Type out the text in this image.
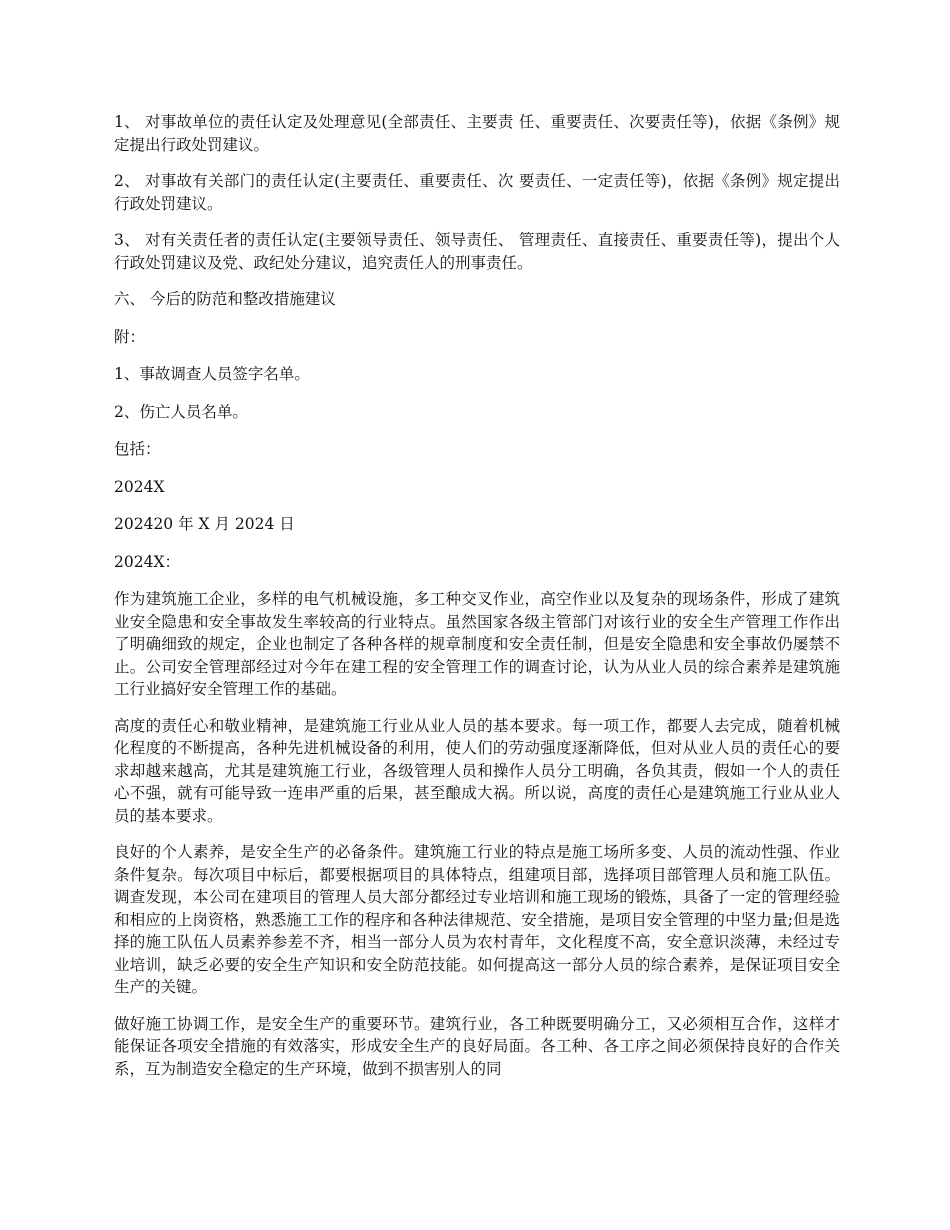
1、 对事故单位的责任认定及处理意见(全部责任、主要责 任、重要责任、次要责任等)，依据《条例》规定提出行政处罚建议。

2、 对事故有关部门的责任认定(主要责任、重要责任、次 要责任、一定责任等)，依据《条例》规定提出行政处罚建议。

3、 对有关责任者的责任认定(主要领导责任、领导责任、 管理责任、直接责任、重要责任等)，提出个人行政处罚建议及党、政纪处分建议，追究责任人的刑事责任。

六、 今后的防范和整改措施建议

附：

1、事故调查人员签字名单。

2、伤亡人员名单。

包括：

2024X

202420 年 X 月 2024 日

2024X：

作为建筑施工企业，多样的电气机械设施，多工种交叉作业，高空作业以及复杂的现场条件，形成了建筑业安全隐患和安全事故发生率较高的行业特点。虽然国家各级主管部门对该行业的安全生产管理工作作出了明确细致的规定，企业也制定了各种各样的规章制度和安全责任制，但是安全隐患和安全事故仍屡禁不止。公司安全管理部经过对今年在建工程的安全管理工作的调查讨论，认为从业人员的综合素养是建筑施工行业搞好安全管理工作的基础。

高度的责任心和敬业精神，是建筑施工行业从业人员的基本要求。每一项工作，都要人去完成，随着机械化程度的不断提高，各种先进机械设备的利用，使人们的劳动强度逐渐降低，但对从业人员的责任心的要求却越来越高，尤其是建筑施工行业，各级管理人员和操作人员分工明确，各负其责，假如一个人的责任心不强，就有可能导致一连串严重的后果，甚至酿成大祸。所以说，高度的责任心是建筑施工行业从业人员的基本要求。

良好的个人素养，是安全生产的必备条件。建筑施工行业的特点是施工场所多变、人员的流动性强、作业条件复杂。每次项目中标后，都要根据项目的具体特点，组建项目部，选择项目部管理人员和施工队伍。调查发现，本公司在建项目的管理人员大部分都经过专业培训和施工现场的锻炼，具备了一定的管理经验和相应的上岗资格，熟悉施工工作的程序和各种法律规范、安全措施，是项目安全管理的中坚力量;但是选择的施工队伍人员素养参差不齐，相当一部分人员为农村青年，文化程度不高，安全意识淡薄，未经过专业培训，缺乏必要的安全生产知识和安全防范技能。如何提高这一部分人员的综合素养，是保证项目安全生产的关键。

做好施工协调工作，是安全生产的重要环节。建筑行业，各工种既要明确分工，又必须相互合作，这样才能保证各项安全措施的有效落实，形成安全生产的良好局面。各工种、各工序之间必须保持良好的合作关系，互为制造安全稳定的生产环境，做到不损害别人的同
